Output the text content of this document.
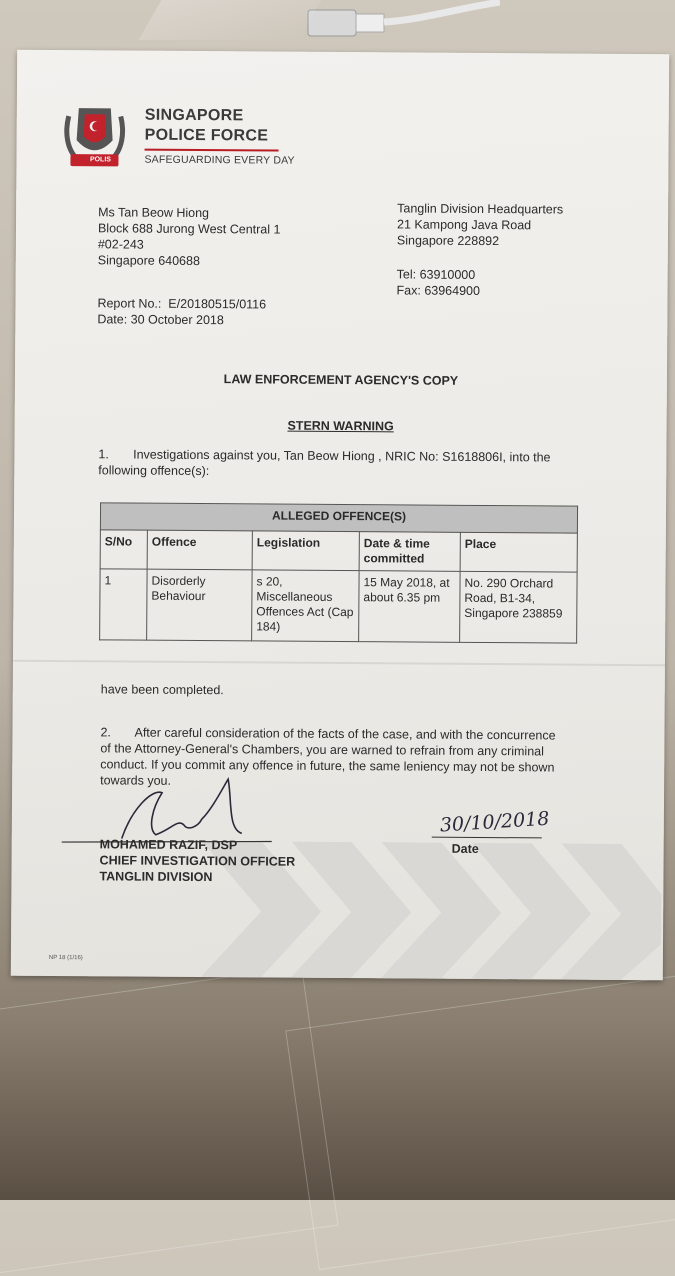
POLIS
SINGAPORE
POLICE FORCE
SAFEGUARDING EVERY DAY
Ms Tan Beow Hiong
Block 688 Jurong West Central 1
#02-243
Singapore 640688
Tanglin Division Headquarters
21 Kampong Java Road
Singapore 228892
Tel: 63910000
Fax: 63964900
Report No.:  E/20180515/0116
Date: 30 October 2018
LAW ENFORCEMENT AGENCY'S COPY
STERN WARNING
1.       Investigations against you, Tan Beow Hiong , NRIC No: S1618806I, into the
following offence(s):
ALLEGED OFFENCE(S)				
S/No	Offence	Legislation	Date & time committed	Place
1	Disorderly Behaviour	s 20, Miscellaneous Offences Act (Cap 184)	15 May 2018, at about 6.35 pm	No. 290 Orchard Road, B1-34, Singapore 238859
have been completed.
2.       After careful consideration of the facts of the case, and with the concurrence
of the Attorney-General's Chambers, you are warned to refrain from any criminal
conduct. If you commit any offence in future, the same leniency may not be shown
towards you.
MOHAMED RAZIF, DSP
CHIEF INVESTIGATION OFFICER
TANGLIN DIVISION
30/10/2018
Date
NP 18 (1/16)
